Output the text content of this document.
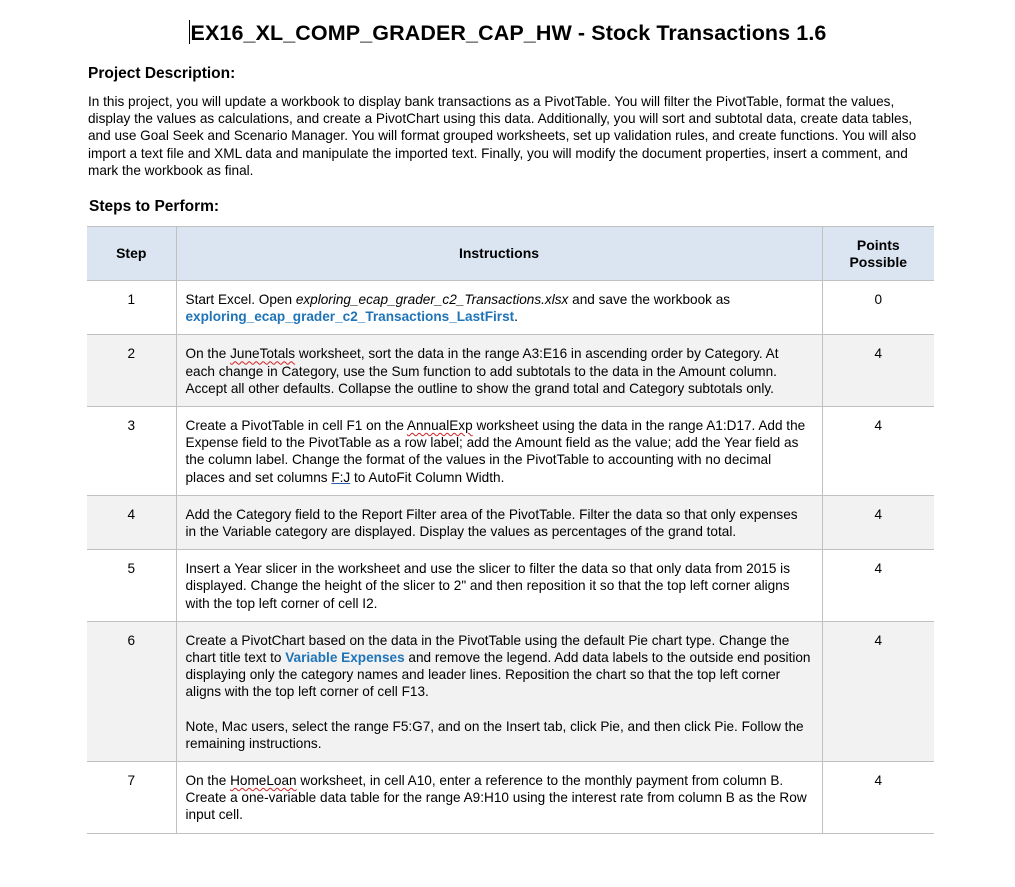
EX16_XL_COMP_GRADER_CAP_HW - Stock Transactions 1.6
Project Description:
In this project, you will update a workbook to display bank transactions as a PivotTable. You will filter the PivotTable, format the values, display the values as calculations, and create a PivotChart using this data. Additionally, you will sort and subtotal data, create data tables, and use Goal Seek and Scenario Manager. You will format grouped worksheets, set up validation rules, and create functions. You will also import a text file and XML data and manipulate the imported text. Finally, you will modify the document properties, insert a comment, and mark the workbook as final.
Steps to Perform:
Step	Instructions	Points Possible

1	Start Excel. Open exploring_ecap_grader_c2_Transactions.xlsx and save the workbook as exploring_ecap_grader_c2_Transactions_LastFirst.	0
2	On the JuneTotals worksheet, sort the data in the range A3:E16 in ascending order by Category. At each change in Category, use the Sum function to add subtotals to the data in the Amount column. Accept all other defaults. Collapse the outline to show the grand total and Category subtotals only.	4
3	Create a PivotTable in cell F1 on the AnnualExp worksheet using the data in the range A1:D17. Add the Expense field to the PivotTable as a row label; add the Amount field as the value; add the Year field as the column label. Change the format of the values in the PivotTable to accounting with no decimal places and set columns F:J to AutoFit Column Width.	4
4	Add the Category field to the Report Filter area of the PivotTable. Filter the data so that only expenses in the Variable category are displayed. Display the values as percentages of the grand total.	4
5	Insert a Year slicer in the worksheet and use the slicer to filter the data so that only data from 2015 is displayed. Change the height of the slicer to 2" and then reposition it so that the top left corner aligns with the top left corner of cell I2.	4
6	Create a PivotChart based on the data in the PivotTable using the default Pie chart type. Change the chart title text to Variable Expenses and remove the legend. Add data labels to the outside end position displaying only the category names and leader lines. Reposition the chart so that the top left corner aligns with the top left corner of cell F13.
Note, Mac users, select the range F5:G7, and on the Insert tab, click Pie, and then click Pie. Follow the remaining instructions.	4
7	On the HomeLoan worksheet, in cell A10, enter a reference to the monthly payment from column B. Create a one-variable data table for the range A9:H10 using the interest rate from column B as the Row input cell.	4
